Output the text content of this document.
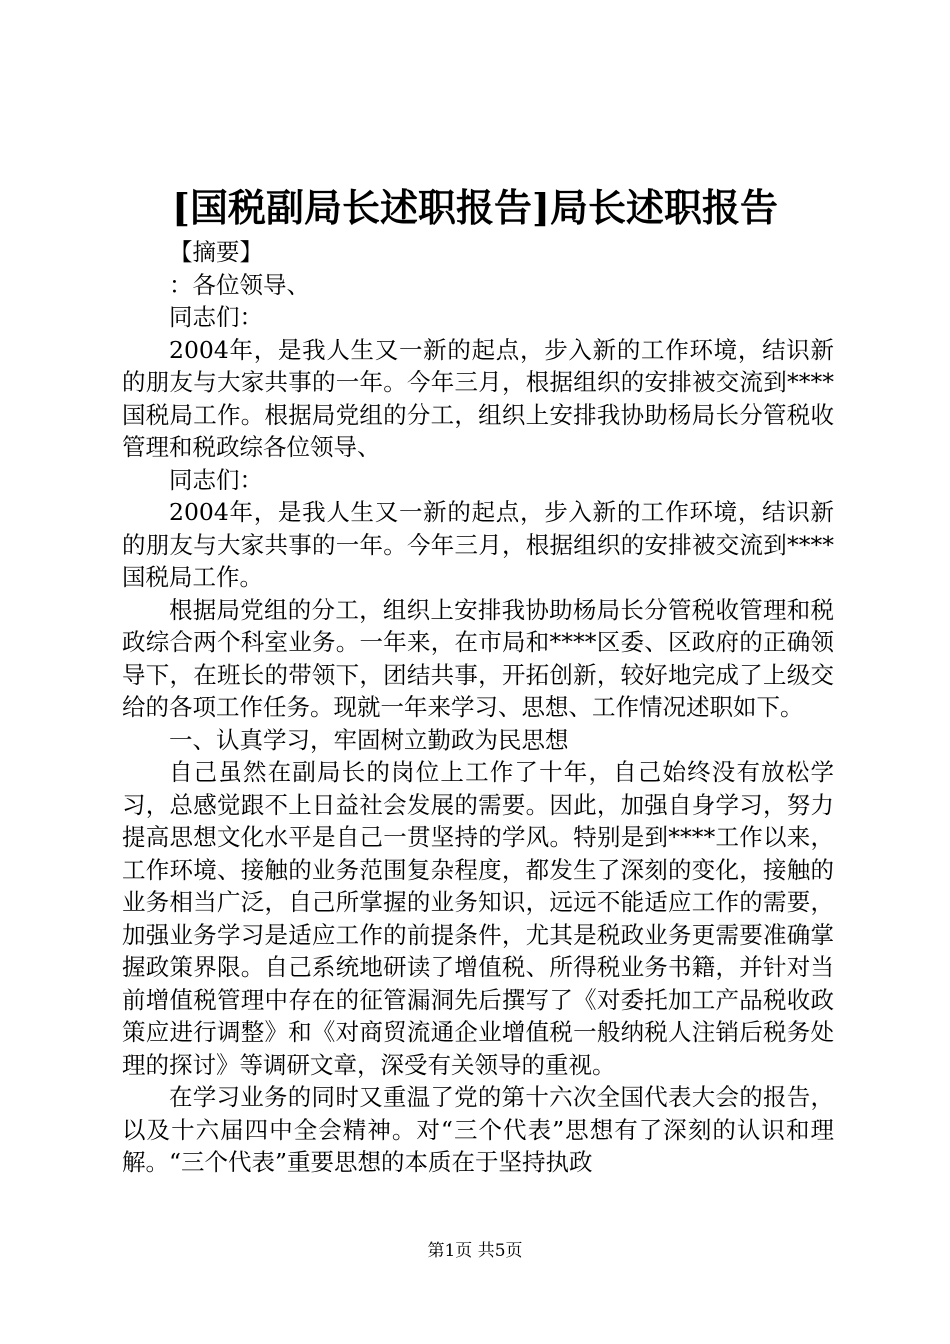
[国税副局长述职报告]局长述职报告

【摘要】

：各位领导、

同志们：

2004年，是我人生又一新的起点，步入新的工作环境，结识新的朋友与大家共事的一年。今年三月，根据组织的安排被交流到****国税局工作。根据局党组的分工，组织上安排我协助杨局长分管税收管理和税政综各位领导、

同志们：

2004年，是我人生又一新的起点，步入新的工作环境，结识新的朋友与大家共事的一年。今年三月，根据组织的安排被交流到****国税局工作。

根据局党组的分工，组织上安排我协助杨局长分管税收管理和税政综合两个科室业务。一年来，在市局和****区委、区政府的正确领导下，在班长的带领下，团结共事，开拓创新，较好地完成了上级交给的各项工作任务。现就一年来学习、思想、工作情况述职如下。

一、认真学习，牢固树立勤政为民思想

自己虽然在副局长的岗位上工作了十年，自己始终没有放松学习，总感觉跟不上日益社会发展的需要。因此，加强自身学习，努力提高思想文化水平是自己一贯坚持的学风。特别是到****工作以来，工作环境、接触的业务范围复杂程度，都发生了深刻的变化，接触的业务相当广泛，自己所掌握的业务知识，远远不能适应工作的需要，加强业务学习是适应工作的前提条件，尤其是税政业务更需要准确掌握政策界限。自己系统地研读了增值税、所得税业务书籍，并针对当前增值税管理中存在的征管漏洞先后撰写了《对委托加工产品税收政策应进行调整》和《对商贸流通企业增值税一般纳税人注销后税务处理的探讨》等调研文章，深受有关领导的重视。

在学习业务的同时又重温了党的第十六次全国代表大会的报告，以及十六届四中全会精神。对“三个代表”思想有了深刻的认识和理解。“三个代表”重要思想的本质在于坚持执政

第1页 共5页
